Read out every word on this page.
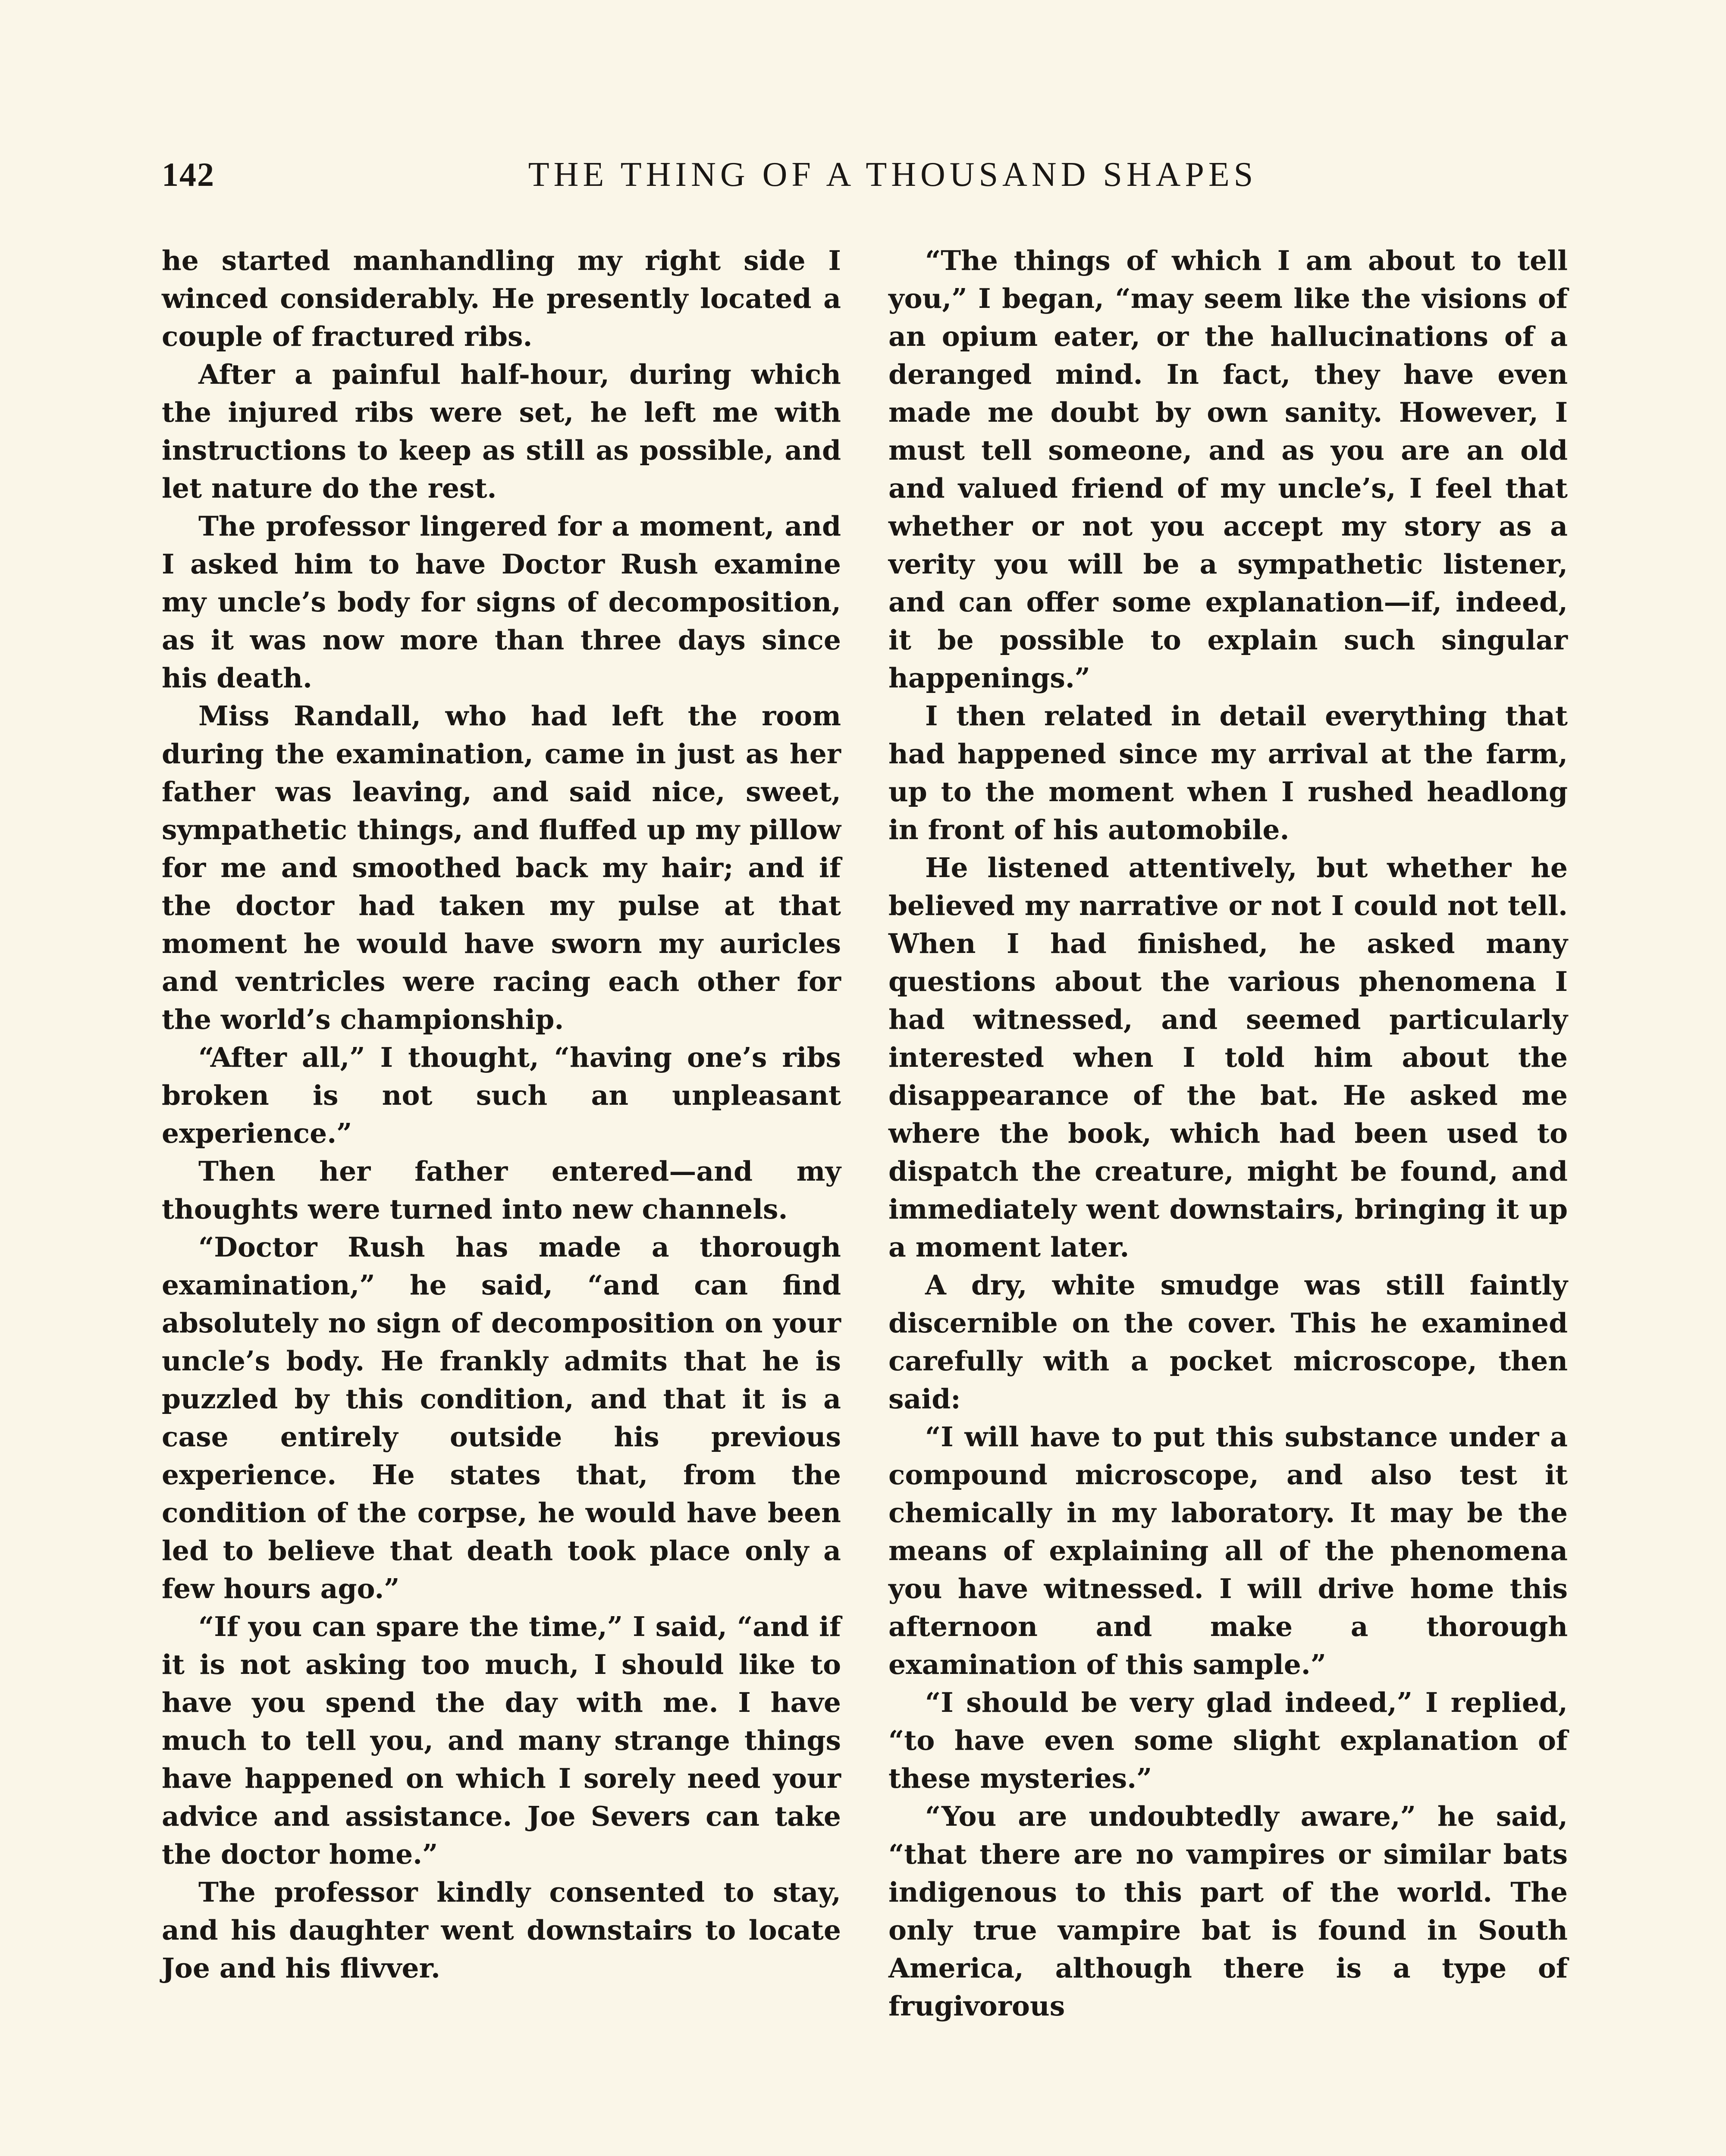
142	THE THING OF A THOUSAND SHAPES

he started manhandling my right side I winced considerably. He presently located a couple of fractured ribs.

After a painful half-hour, during which the injured ribs were set, he left me with instructions to keep as still as possible, and let nature do the rest.

The professor lingered for a moment, and I asked him to have Doctor Rush examine my uncle’s body for signs of decomposition, as it was now more than three days since his death.

Miss Randall, who had left the room during the examination, came in just as her father was leaving, and said nice, sweet, sympathetic things, and fluffed up my pillow for me and smoothed back my hair; and if the doctor had taken my pulse at that moment he would have sworn my auricles and ventricles were racing each other for the world’s championship.

“After all,” I thought, “having one’s ribs broken is not such an unpleasant experience.”

Then her father entered—and my thoughts were turned into new channels.

“Doctor Rush has made a thorough examination,” he said, “and can find absolutely no sign of decomposition on your uncle’s body. He frankly admits that he is puzzled by this condition, and that it is a case entirely outside his previous experience. He states that, from the condition of the corpse, he would have been led to believe that death took place only a few hours ago.”

“If you can spare the time,” I said, “and if it is not asking too much, I should like to have you spend the day with me. I have much to tell you, and many strange things have happened on which I sorely need your advice and assistance. Joe Severs can take the doctor home.”

The professor kindly consented to stay, and his daughter went downstairs to locate Joe and his flivver.

“The things of which I am about to tell you,” I began, “may seem like the visions of an opium eater, or the hallucinations of a deranged mind. In fact, they have even made me doubt by own sanity. However, I must tell someone, and as you are an old and valued friend of my uncle’s, I feel that whether or not you accept my story as a verity you will be a sympathetic listener, and can offer some explanation—if, indeed, it be possible to explain such singular happenings.”

I then related in detail everything that had happened since my arrival at the farm, up to the moment when I rushed headlong in front of his automobile.

He listened attentively, but whether he believed my narrative or not I could not tell. When I had finished, he asked many questions about the various phenomena I had witnessed, and seemed particularly interested when I told him about the disappearance of the bat. He asked me where the book, which had been used to dispatch the creature, might be found, and immediately went downstairs, bringing it up a moment later.

A dry, white smudge was still faintly discernible on the cover. This he examined carefully with a pocket microscope, then said:

“I will have to put this substance under a compound microscope, and also test it chemically in my laboratory. It may be the means of explaining all of the phenomena you have witnessed. I will drive home this afternoon and make a thorough examination of this sample.”

“I should be very glad indeed,” I replied, “to have even some slight explanation of these mysteries.”

“You are undoubtedly aware,” he said, “that there are no vampires or similar bats indigenous to this part of the world. The only true vampire bat is found in South America, although there is a type of frugivorous
